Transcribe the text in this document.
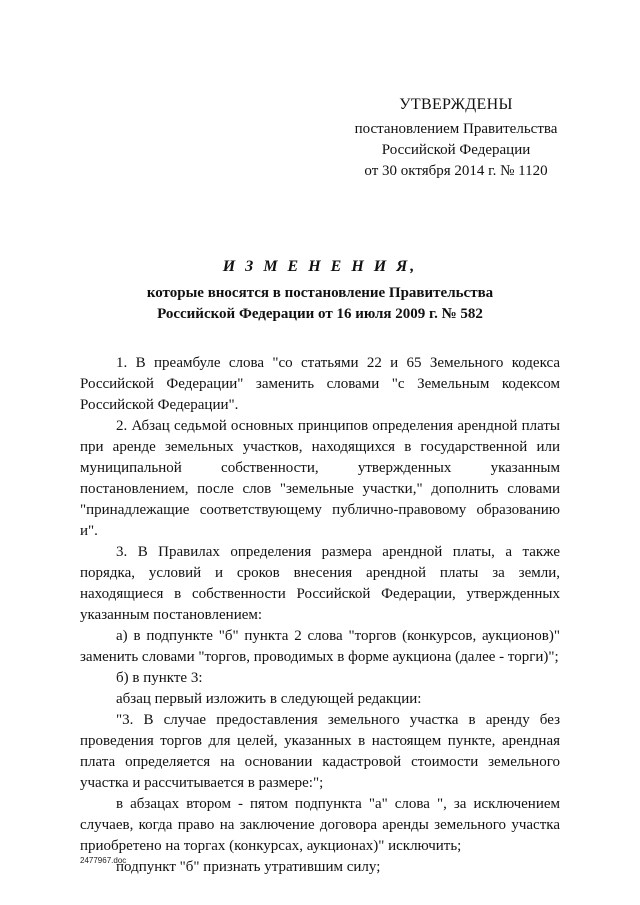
УТВЕРЖДЕНЫ
постановлением Правительства
Российской Федерации
от 30 октября 2014 г. № 1120
И З М Е Н Е Н И Я,
которые вносятся в постановление Правительства
Российской Федерации от 16 июля 2009 г. № 582

1. В преамбуле слова "со статьями 22 и 65 Земельного кодекса Российской Федерации" заменить словами "с Земельным кодексом Российской Федерации".

2. Абзац седьмой основных принципов определения арендной платы при аренде земельных участков, находящихся в государственной или муниципальной собственности, утвержденных указанным постановлением, после слов "земельные участки," дополнить словами "принадлежащие соответствующему публично-правовому образованию и".

3. В Правилах определения размера арендной платы, а также порядка, условий и сроков внесения арендной платы за земли, находящиеся в собственности Российской Федерации, утвержденных указанным постановлением:

а) в подпункте "б" пункта 2 слова "торгов (конкурсов, аукционов)" заменить словами "торгов, проводимых в форме аукциона (далее - торги)";

б) в пункте 3:

абзац первый изложить в следующей редакции:

"3. В случае предоставления земельного участка в аренду без проведения торгов для целей, указанных в настоящем пункте, арендная плата определяется на основании кадастровой стоимости земельного участка и рассчитывается в размере:";

в абзацах втором - пятом подпункта "а" слова ", за исключением случаев, когда право на заключение договора аренды земельного участка приобретено на торгах (конкурсах, аукционах)" исключить;

подпункт "б" признать утратившим силу;

2477967.doc
